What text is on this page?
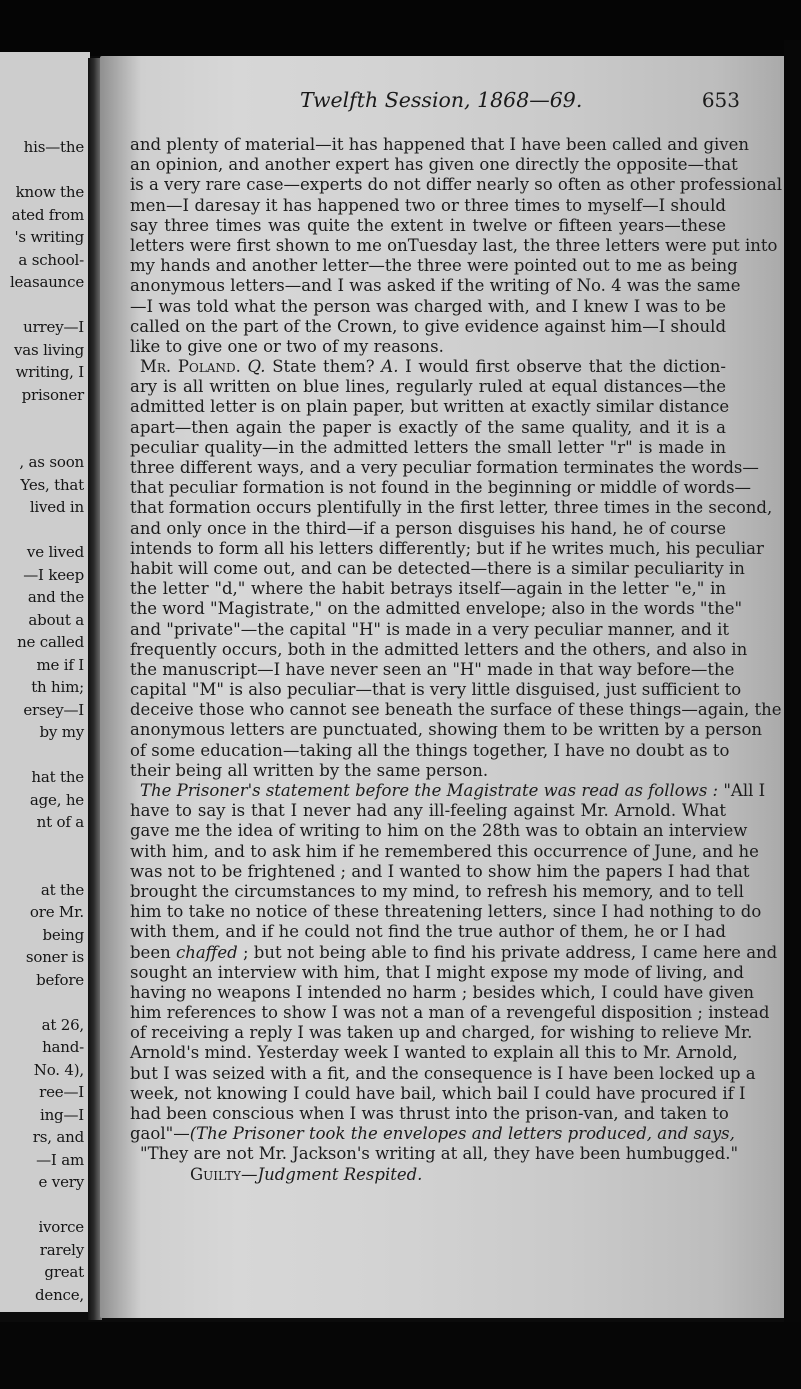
his—the

know the
ated from
's writing
a school-
leasaunce

urrey—I
vas living
writing, I
prisoner

, as soon
Yes, that
lived in

ve lived
—I keep
and the
about a
ne called
me if I
th him;
ersey—I
by my

hat the
age, he
nt of a

at the
ore Mr.
being
soner is
before

at 26,
hand-
No. 4),
ree—I
ing—I
rs, and
—I am
e very

ivorce
rarely
great
dence,
Twelfth Session, 1868—69.	653
and plenty of material—it has happened that I have been called and given
an opinion, and another expert has given one directly the opposite—that
is a very rare case—experts do not differ nearly so often as other professional
men—I daresay it has happened two or three times to myself—I should
say three times was quite the extent in twelve or fifteen years—these
letters were first shown to me onTuesday last, the three letters were put into
my hands and another letter—the three were pointed out to me as being
anonymous letters—and I was asked if the writing of No. 4 was the same
—I was told what the person was charged with, and I knew I was to be
called on the part of the Crown, to give evidence against him—I should
like to give one or two of my reasons.
Mr. Poland. Q. State them? A. I would first observe that the diction-
ary is all written on blue lines, regularly ruled at equal distances—the
admitted letter is on plain paper, but written at exactly similar distance
apart—then again the paper is exactly of the same quality, and it is a
peculiar quality—in the admitted letters the small letter "r" is made in
three different ways, and a very peculiar formation terminates the words—
that peculiar formation is not found in the beginning or middle of words—
that formation occurs plentifully in the first letter, three times in the second,
and only once in the third—if a person disguises his hand, he of course
intends to form all his letters differently; but if he writes much, his peculiar
habit will come out, and can be detected—there is a similar peculiarity in
the letter "d," where the habit betrays itself—again in the letter "e," in
the word "Magistrate," on the admitted envelope; also in the words "the"
and "private"—the capital "H" is made in a very peculiar manner, and it
frequently occurs, both in the admitted letters and the others, and also in
the manuscript—I have never seen an "H" made in that way before—the
capital "M" is also peculiar—that is very little disguised, just sufficient to
deceive those who cannot see beneath the surface of these things—again, the
anonymous letters are punctuated, showing them to be written by a person
of some education—taking all the things together, I have no doubt as to
their being all written by the same person.
The Prisoner's statement before the Magistrate was read as follows : "All I
have to say is that I never had any ill-feeling against Mr. Arnold. What
gave me the idea of writing to him on the 28th was to obtain an interview
with him, and to ask him if he remembered this occurrence of June, and he
was not to be frightened ; and I wanted to show him the papers I had that
brought the circumstances to my mind, to refresh his memory, and to tell
him to take no notice of these threatening letters, since I had nothing to do
with them, and if he could not find the true author of them, he or I had
been chaffed ; but not being able to find his private address, I came here and
sought an interview with him, that I might expose my mode of living, and
having no weapons I intended no harm ; besides which, I could have given
him references to show I was not a man of a revengeful disposition ; instead
of receiving a reply I was taken up and charged, for wishing to relieve Mr.
Arnold's mind. Yesterday week I wanted to explain all this to Mr. Arnold,
but I was seized with a fit, and the consequence is I have been locked up a
week, not knowing I could have bail, which bail I could have procured if I
had been conscious when I was thrust into the prison-van, and taken to
gaol"—(The Prisoner took the envelopes and letters produced, and says,
"They are not Mr. Jackson's writing at all, they have been humbugged."
Guilty—Judgment Respited.
